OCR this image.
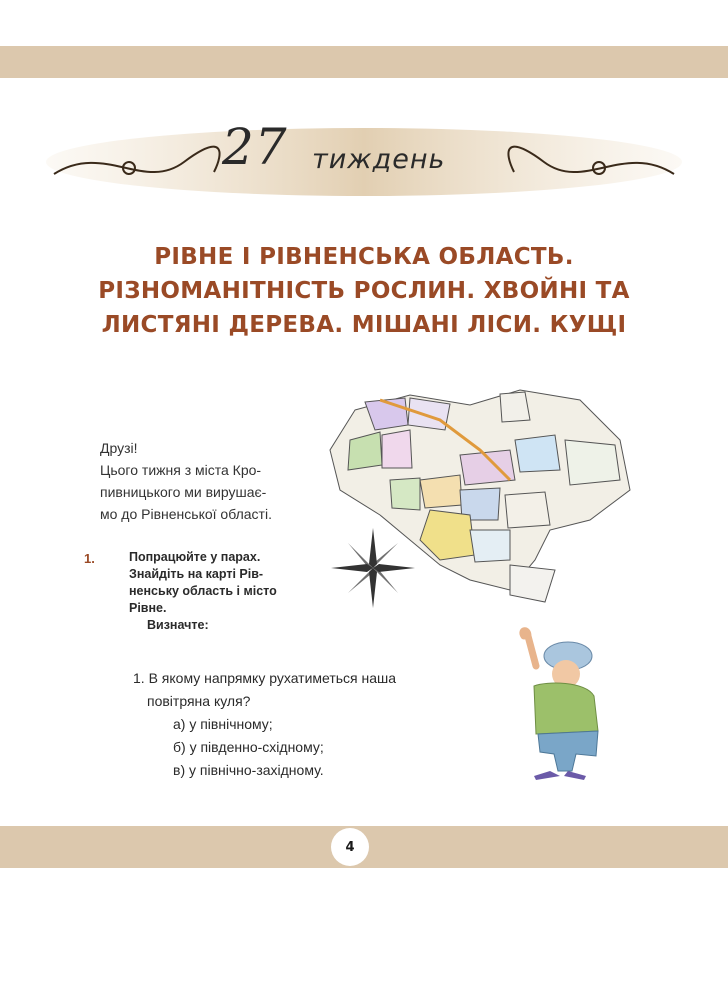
27 тиждень
РІВНЕ І РІВНЕНСЬКА ОБЛАСТЬ.
РІЗНОМАНІТНІСТЬ РОСЛИН. ХВОЙНІ ТА
ЛИСТЯНІ ДЕРЕВА. МІШАНІ ЛІСИ. КУЩІ
Друзі!
Цього тижня з міста Кро-
пивницького ми вирушає-
мо до Рівненської області.
1.	Попрацюйте у парах.
Знайдіть на карті Рів-
ненську область і місто
Рівне.
Визначте:
1. В якому напрямку рухатиметься наша
повітряна куля?
а) у північному;
б) у південно-східному;
в) у північно-західному.
4
